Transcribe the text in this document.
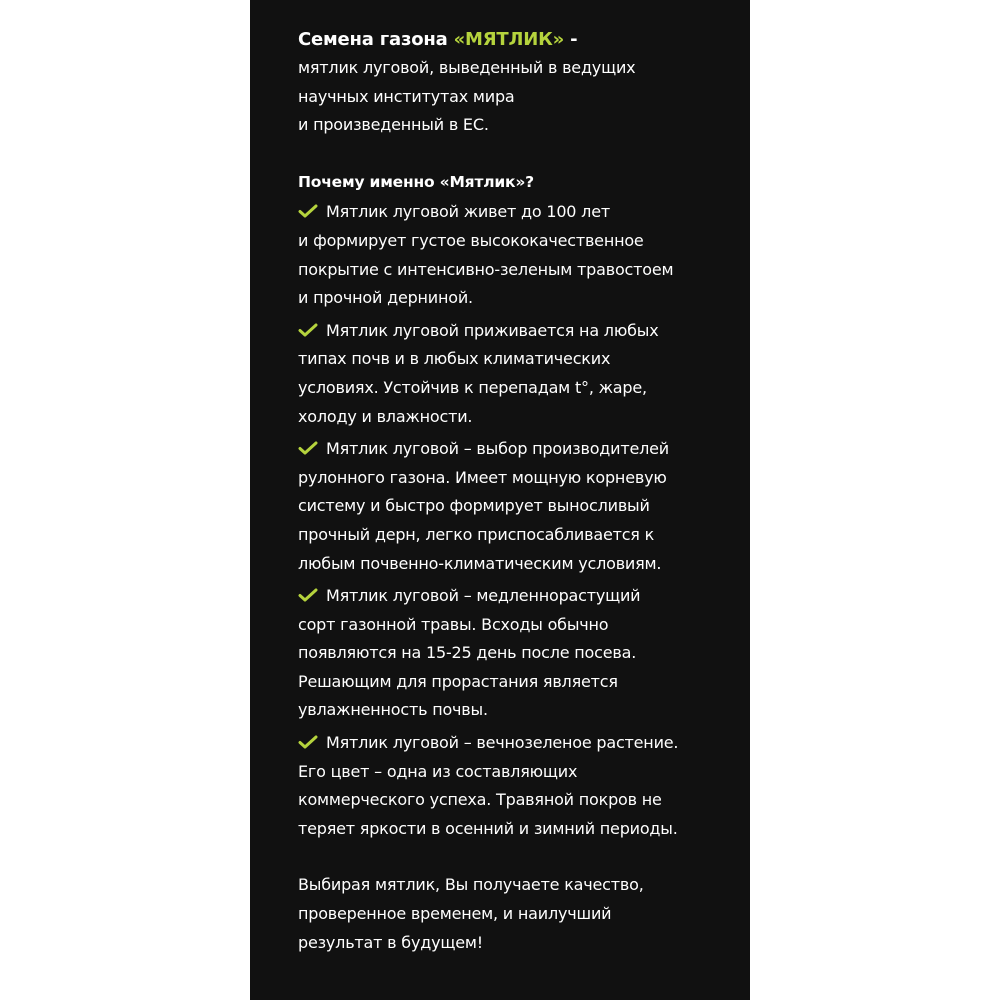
Семена газона «МЯТЛИК» -

мятлик луговой, выведенный в ведущих
научных институтах мира
и произведенный в ЕС.

Почему именно «Мятлик»?

Мятлик луговой живет до 100 лет
и формирует густое высококачественное
покрытие с интенсивно-зеленым травостоем
и прочной дерниной.

Мятлик луговой приживается на любых
типах почв и в любых климатических
условиях. Устойчив к перепадам t°, жаре,
холоду и влажности.

Мятлик луговой – выбор производителей
рулонного газона. Имеет мощную корневую
систему и быстро формирует выносливый
прочный дерн, легко приспосабливается к
любым почвенно-климатическим условиям.

Мятлик луговой – медленнорастущий
сорт газонной травы. Всходы обычно
появляются на 15-25 день после посева.
Решающим для прорастания является
увлажненность почвы.

Мятлик луговой – вечнозеленое растение.
Его цвет – одна из составляющих
коммерческого успеха. Травяной покров не
теряет яркости в осенний и зимний периоды.

Выбирая мятлик, Вы получаете качество,
проверенное временем, и наилучший
результат в будущем!
